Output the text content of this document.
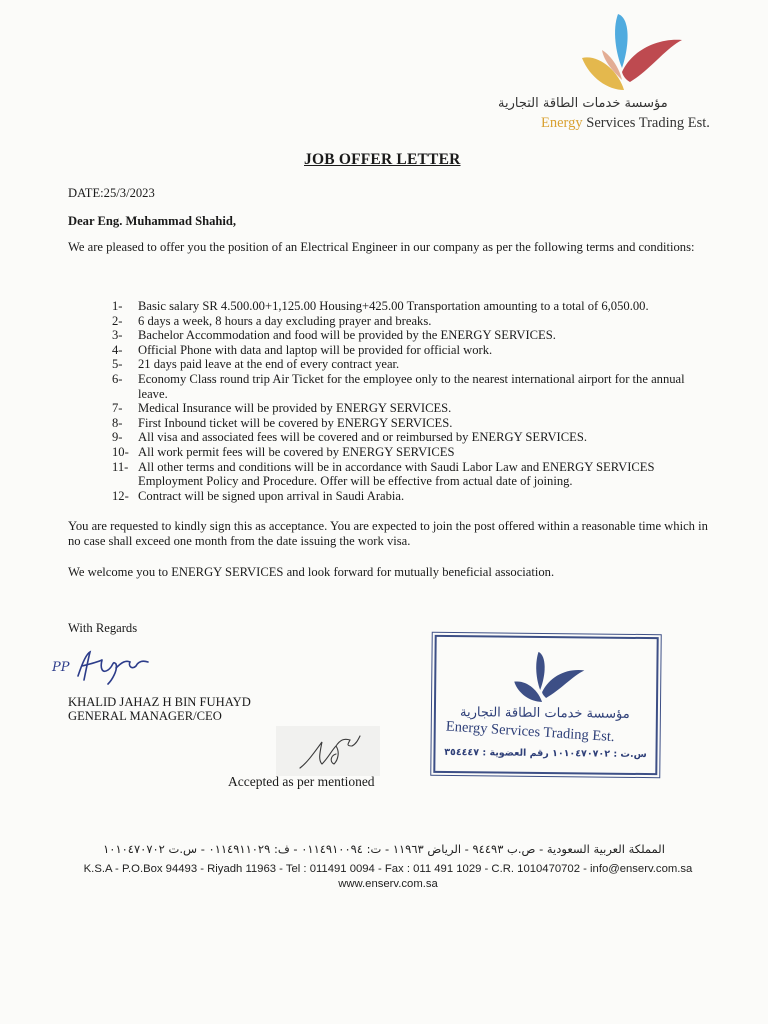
مؤسسة خدمات الطاقة التجارية
Energy Services Trading Est.
JOB OFFER LETTER
DATE:25/3/2023
Dear Eng. Muhammad Shahid,
We are pleased to offer you the position of an Electrical Engineer in our company as per the following terms and conditions:
1- Basic salary SR 4.500.00+1,125.00 Housing+425.00 Transportation amounting to a total of 6,050.00.
2- 6 days a week, 8 hours a day excluding prayer and breaks.
3- Bachelor Accommodation and food will be provided by the ENERGY SERVICES.
4- Official Phone with data and laptop will be provided for official work.
5- 21 days paid leave at the end of every contract year.
6- Economy Class round trip Air Ticket for the employee only to the nearest international airport for the annual leave.
7- Medical Insurance will be provided by ENERGY SERVICES.
8- First Inbound ticket will be covered by ENERGY SERVICES.
9- All visa and associated fees will be covered and or reimbursed by ENERGY SERVICES.
10- All work permit fees will be covered by ENERGY SERVICES
11- All other terms and conditions will be in accordance with Saudi Labor Law and ENERGY SERVICES Employment Policy and Procedure. Offer will be effective from actual date of joining.
12- Contract will be signed upon arrival in Saudi Arabia.
You are requested to kindly sign this as acceptance. You are expected to join the post offered within a reasonable time which in no case shall exceed one month from the date issuing the work visa.
We welcome you to ENERGY SERVICES and look forward for mutually beneficial association.
With Regards
PP
KHALID JAHAZ H BIN FUHAYD
GENERAL MANAGER/CEO
Accepted as per mentioned
مؤسسة خدمات الطاقة التجارية
Energy Services Trading Est.
س.ت : ١٠١٠٤٧٠٧٠٢ رقم العضوية : ٣٥٤٤٤٧
المملكة العربية السعودية - ص.ب ٩٤٤٩٣ - الرياض ١١٩٦٣ - ت: ٠١١٤٩١٠٠٩٤ - ف: ٠١١٤٩١١٠٢٩ - س.ت ١٠١٠٤٧٠٧٠٢
K.S.A - P.O.Box 94493 - Riyadh 11963 - Tel : 011491 0094 - Fax : 011 491 1029 - C.R. 1010470702 - info@enserv.com.sa
www.enserv.com.sa
